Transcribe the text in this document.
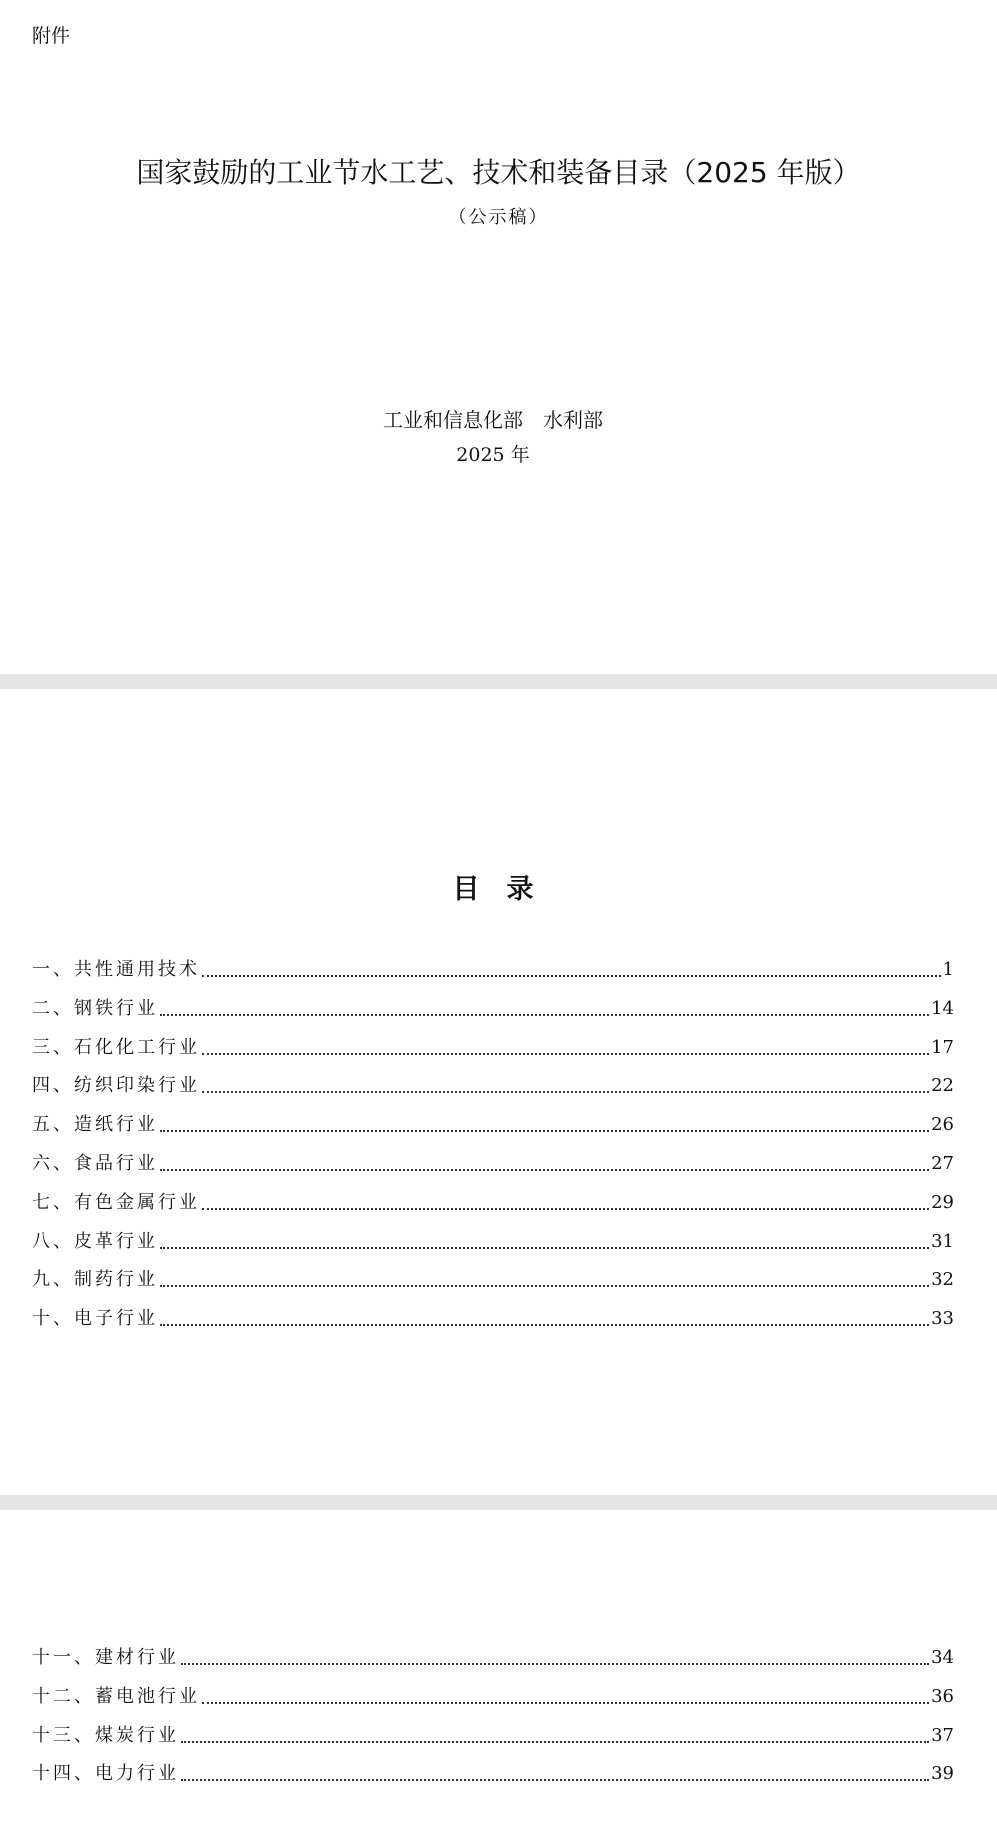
附件
国家鼓励的工业节水工艺、技术和装备目录（2025 年版）
（公示稿）
工业和信息化部　水利部
2025 年
目　录
一、共性通用技术	1
二、钢铁行业	14
三、石化化工行业	17
四、纺织印染行业	22
五、造纸行业	26
六、食品行业	27
七、有色金属行业	29
八、皮革行业	31
九、制药行业	32
十、电子行业	33
十一、建材行业	34
十二、蓄电池行业	36
十三、煤炭行业	37
十四、电力行业	39
